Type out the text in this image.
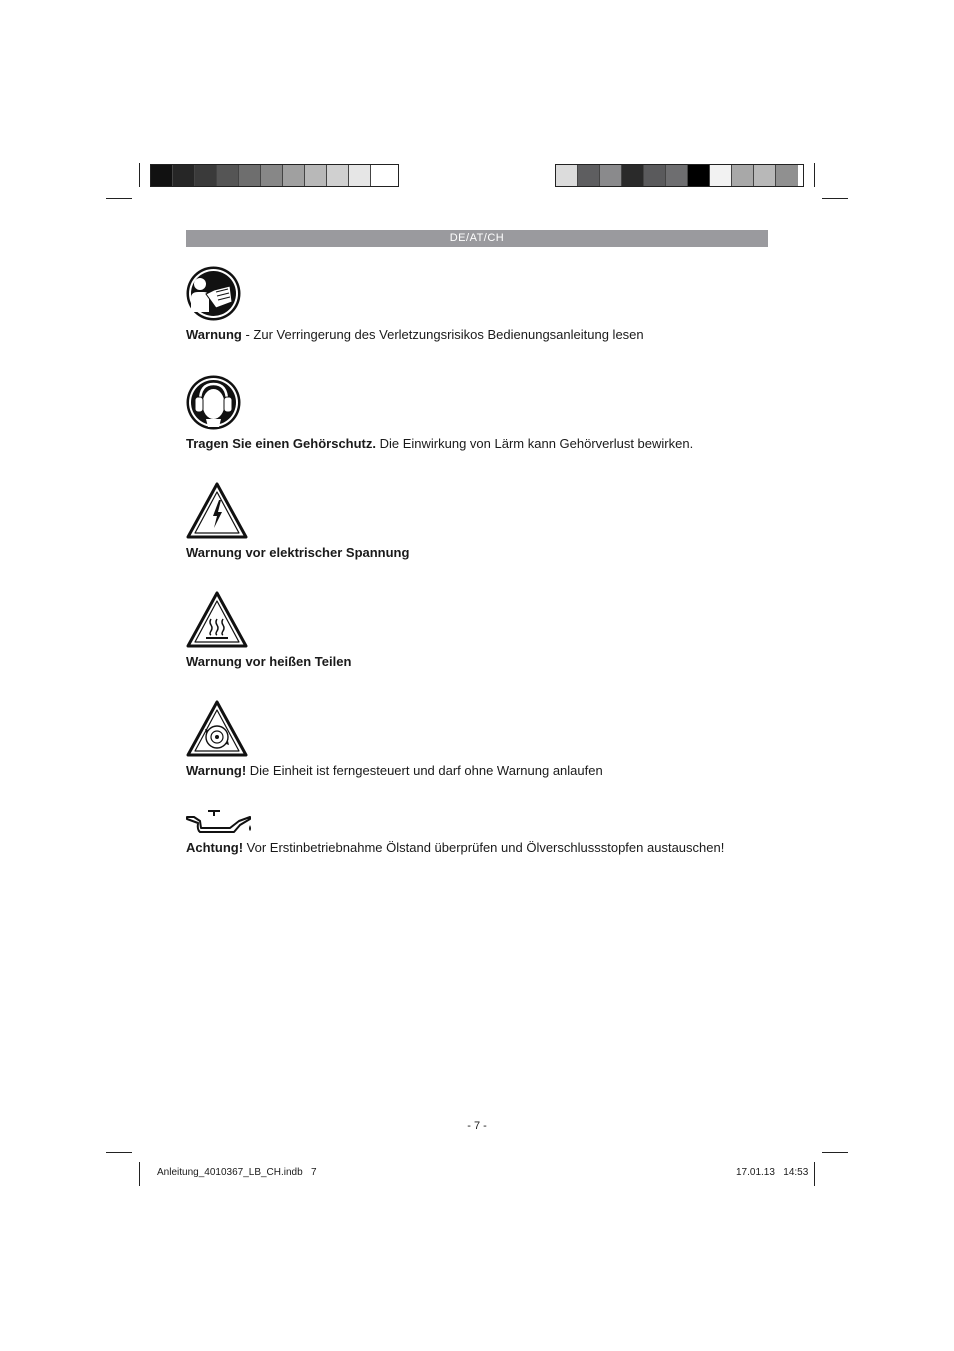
DE/AT/CH
Warnung - Zur Verringerung des Verletzungsrisikos Bedienungsanleitung lesen
Tragen Sie einen Gehörschutz. Die Einwirkung von Lärm kann Gehörverlust bewirken.
Warnung vor elektrischer Spannung
Warnung vor heißen Teilen
Warnung! Die Einheit ist ferngesteuert und darf ohne Warnung anlaufen
Achtung! Vor Erstinbetriebnahme Ölstand überprüfen und Ölverschlussstopfen austauschen!
- 7 -
Anleitung_4010367_LB_CH.indb   7	17.01.13   14:53
